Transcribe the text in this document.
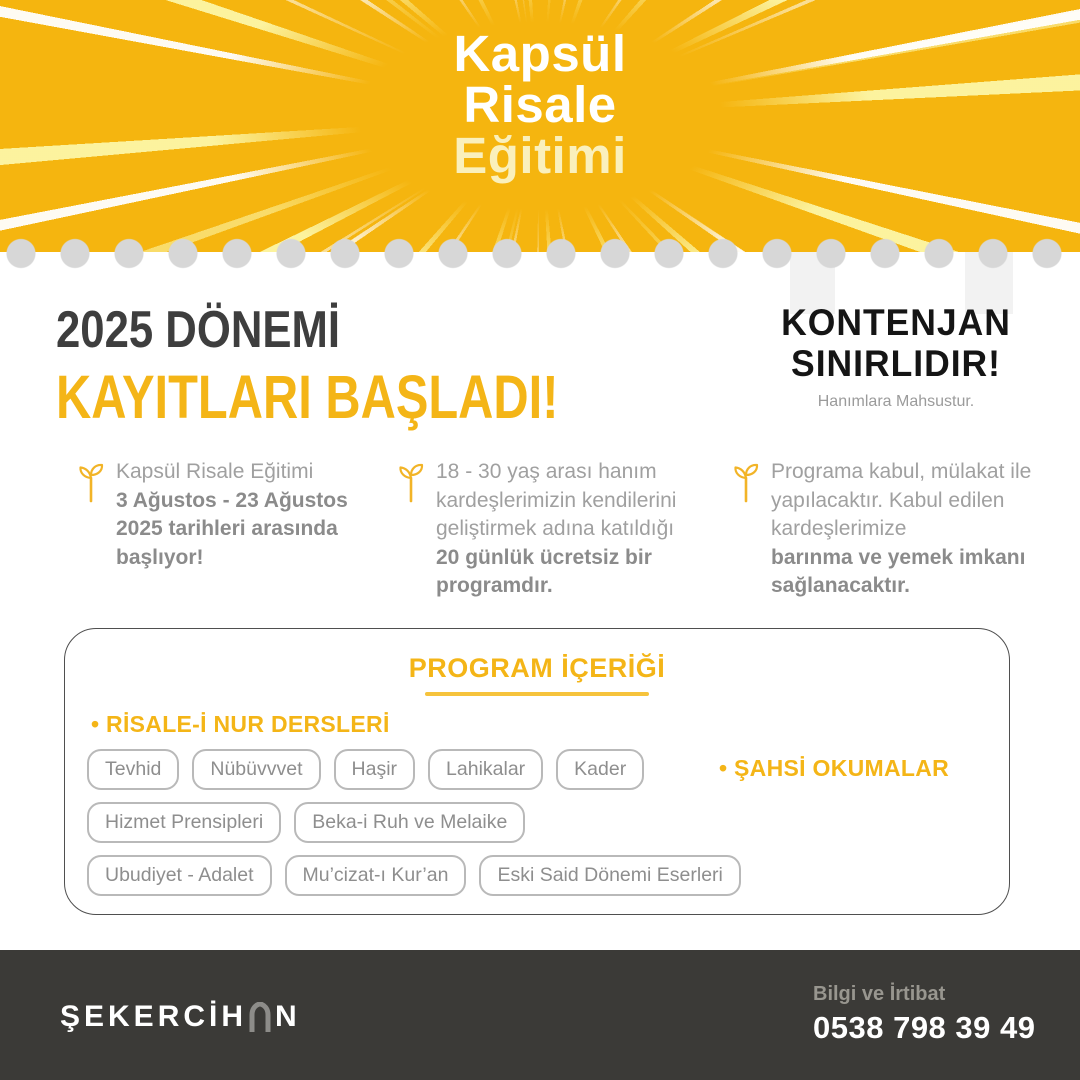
Kapsül
Risale
Eğitimi
2025 DÖNEMİ
KAYITLARI BAŞLADI!
KONTENJAN
SINIRLIDIR!
Hanımlara Mahsustur.

Kapsül Risale Eğitimi
3 Ağustos - 23 Ağustos 2025 tarihleri arasında başlıyor!

18 - 30 yaş arası hanım kardeşlerimizin kendilerini geliştirmek adına katıldığı
20 günlük ücretsiz bir programdır.

Programa kabul, mülakat ile yapılacaktır. Kabul edilen kardeşlerimize
barınma ve yemek imkanı sağlanacaktır.

PROGRAM İÇERİĞİ
• RİSALE-İ NUR DERSLERİ
• ŞAHSİ OKUMALAR
Tevhid	Nübüvvvet	Haşir	Lahikalar	Kader
Hizmet Prensipleri	Beka-i Ruh ve Melaike
Ubudiyet - Adalet	Mu’cizat-ı Kur’an	Eski Said Dönemi Eserleri
ŞEKERCİH N
Bilgi ve İrtibat
0538 798 39 49
